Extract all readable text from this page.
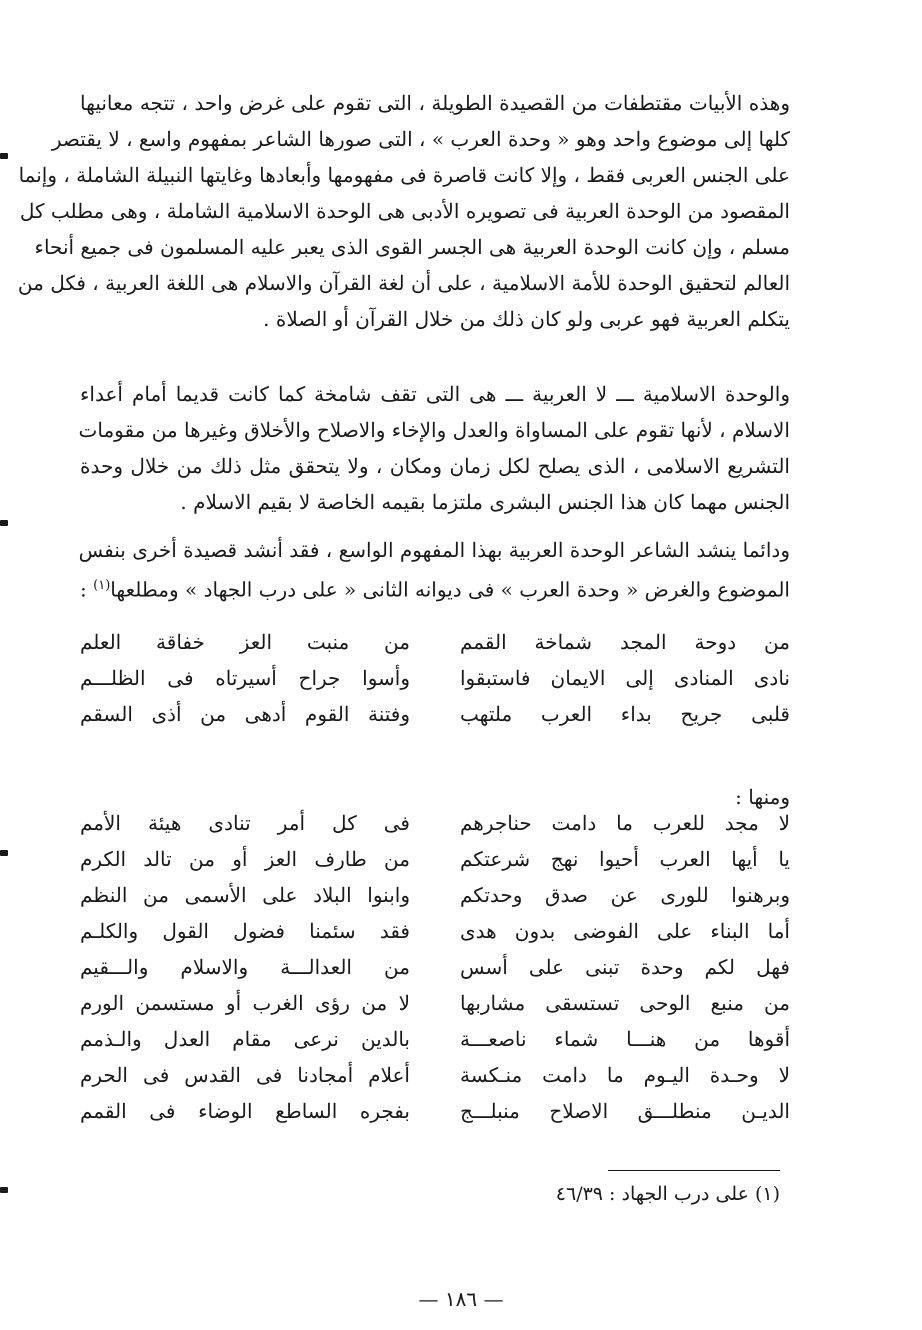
وهذه الأبيات مقتطفات من القصيدة الطويلة ، التى تقوم على غرض واحد ، تتجه معانيها
كلها إلى موضوع واحد وهو « وحدة العرب » ، التى صورها الشاعر بمفهوم واسع ، لا يقتصر
على الجنس العربى فقط ، وإلا كانت قاصرة فى مفهومها وأبعادها وغايتها النبيلة الشاملة ، وإنما
المقصود من الوحدة العربية فى تصويره الأدبى هى الوحدة الاسلامية الشاملة ، وهى مطلب كل
مسلم ، وإن كانت الوحدة العربية هى الجسر القوى الذى يعبر عليه المسلمون فى جميع أنحاء
العالم لتحقيق الوحدة للأمة الاسلامية ، على أن لغة القرآن والاسلام هى اللغة العربية ، فكل من
يتكلم العربية فهو عربى ولو كان ذلك من خلال القرآن أو الصلاة .
والوحدة الاسلامية ـــ لا العربية ـــ هى التى تقف شامخة كما كانت قديما أمام أعداء
الاسلام ، لأنها تقوم على المساواة والعدل والإخاء والاصلاح والأخلاق وغيرها من مقومات
التشريع الاسلامى ، الذى يصلح لكل زمان ومكان ، ولا يتحقق مثل ذلك من خلال وحدة
الجنس مهما كان هذا الجنس البشرى ملتزما بقيمه الخاصة لا بقيم الاسلام .
ودائما ينشد الشاعر الوحدة العربية بهذا المفهوم الواسع ، فقد أنشد قصيدة أخرى بنفس
الموضوع والغرض « وحدة العرب » فى ديوانه الثانى « على درب الجهاد » ومطلعها$^{(١)}$ :
من دوحة المجد شماخة القمم
من منبت العز خفاقة العلم
نادى المنادى إلى الايمان فاستبقوا
وأسوا جراح أسيرتاه فى الظلـــم
قلبى جريح بداء العرب ملتهب
وفتنة القوم أدهى من أذى السقم
ومنها :
لا مجد للعرب ما دامت حناجرهم
فى كل أمر تنادى هيئة الأمم
يا أيها العرب أحيوا نهج شرعتكم
من طارف العز أو من تالد الكرم
وبرهنوا للورى عن صدق وحدتكم
وابنوا البلاد على الأسمى من النظم
أما البناء على الفوضى بدون هدى
فقد سئمنا فضول القول والكلـم
فهل لكم وحدة تبنى على أسس
من العدالـــة والاسلام والـــقيم
من منبع الوحى تستسقى مشاربها
لا من رؤى الغرب أو مستسمن الورم
أقوها من هنـــا شماء ناصعـــة
بالدين نرعى مقام العدل والـذمم
لا وحـدة اليـوم ما دامت منـكسة
أعلام أمجادنا فى القدس فى الحرم
الديـن منطلـــق الاصلاح منبلـــج
بفجره الساطع الوضاء فى القمم
(١) على درب الجهاد : ٤٦/٣٩
— ١٨٦ —
